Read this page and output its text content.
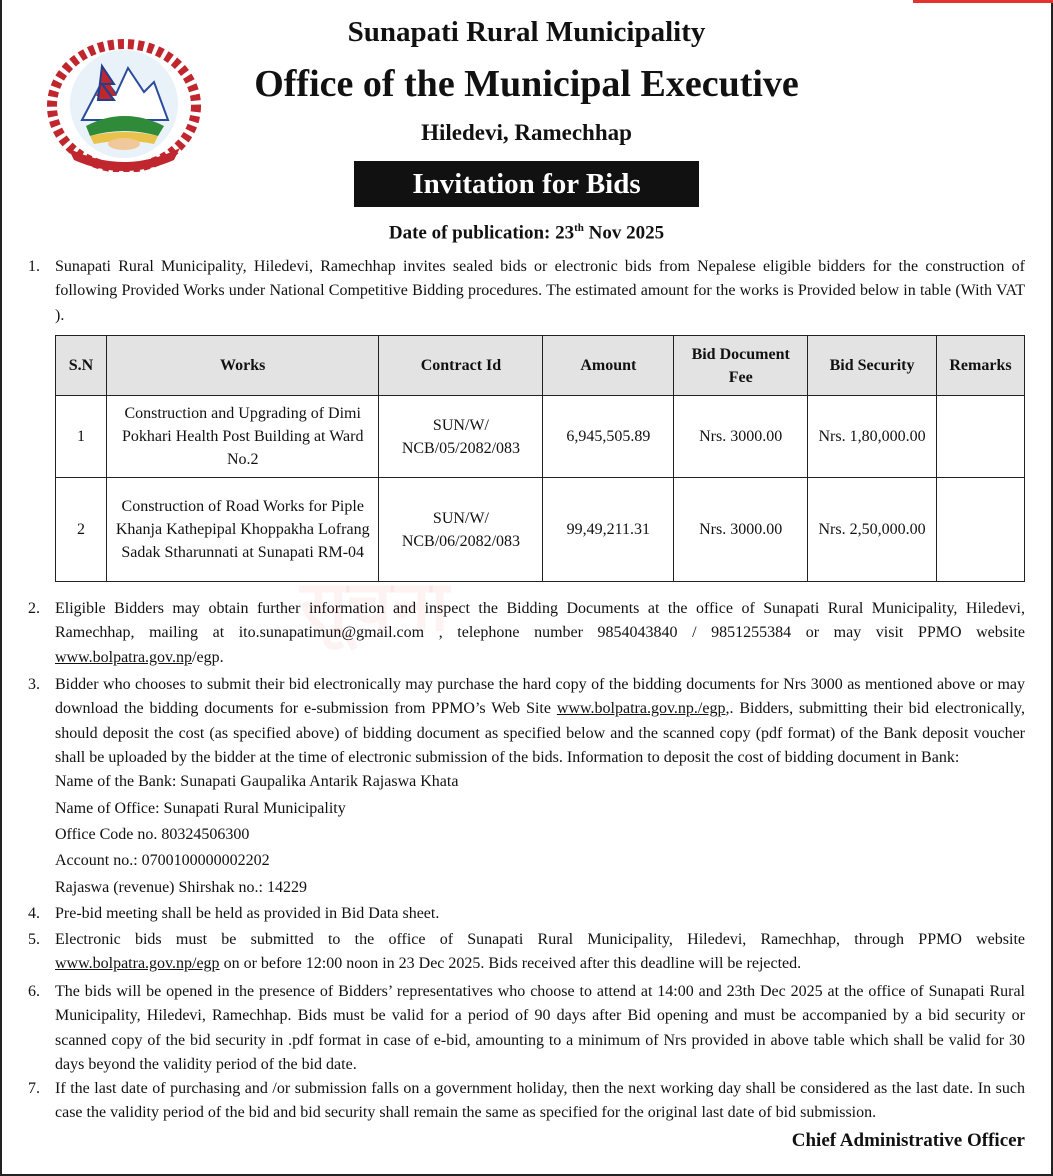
Sunapati Rural Municipality
Office of the Municipal Executive
Hiledevi, Ramechhap
Invitation for Bids
Date of publication: 23th Nov 2025
सूचना
1. Sunapati Rural Municipality, Hiledevi, Ramechhap invites sealed bids or electronic bids from Nepalese eligible bidders for the construction of following Provided Works under National Competitive Bidding procedures. The estimated amount for the works is Provided below in table (With VAT ).
S.N	Works	Contract Id	Amount	Bid Document Fee	Bid Security	Remarks
1	Construction and Upgrading of Dimi Pokhari Health Post Building at Ward No.2	SUN/W/ NCB/05/2082/083	6,945,505.89	Nrs. 3000.00	Nrs. 1,80,000.00	
2	Construction of Road Works for Piple Khanja Kathepipal Khoppakha Lofrang Sadak Stharunnati at Sunapati RM-04	SUN/W/ NCB/06/2082/083	99,49,211.31	Nrs. 3000.00	Nrs. 2,50,000.00	
2. Eligible Bidders may obtain further information and inspect the Bidding Documents at the office of Sunapati Rural Municipality, Hiledevi, Ramechhap, mailing at ito.sunapatimun@gmail.com , telephone number 9854043840 / 9851255384 or may visit PPMO website www.bolpatra.gov.np/egp.
3. Bidder who chooses to submit their bid electronically may purchase the hard copy of the bidding documents for Nrs 3000 as mentioned above or may download the bidding documents for e-submission from PPMO’s Web Site www.bolpatra.gov.np./egp,. Bidders, submitting their bid electronically, should deposit the cost (as specified above) of bidding document as specified below and the scanned copy (pdf format) of the Bank deposit voucher shall be uploaded by the bidder at the time of electronic submission of the bids. Information to deposit the cost of bidding document in Bank:
Name of the Bank: Sunapati Gaupalika Antarik Rajaswa Khata
Name of Office: Sunapati Rural Municipality
Office Code no. 80324506300
Account no.: 0700100000002202
Rajaswa (revenue) Shirshak no.: 14229
4. Pre-bid meeting shall be held as provided in Bid Data sheet.
5. Electronic bids must be submitted to the office of Sunapati Rural Municipality, Hiledevi, Ramechhap, through PPMO website www.bolpatra.gov.np/egp on or before 12:00 noon in 23 Dec 2025. Bids received after this deadline will be rejected.
6. The bids will be opened in the presence of Bidders’ representatives who choose to attend at 14:00 and 23th Dec 2025 at the office of Sunapati Rural Municipality, Hiledevi, Ramechhap. Bids must be valid for a period of 90 days after Bid opening and must be accompanied by a bid security or scanned copy of the bid security in .pdf format in case of e-bid, amounting to a minimum of Nrs provided in above table which shall be valid for 30 days beyond the validity period of the bid date.
7. If the last date of purchasing and /or submission falls on a government holiday, then the next working day shall be considered as the last date. In such case the validity period of the bid and bid security shall remain the same as specified for the original last date of bid submission.
Chief Administrative Officer
